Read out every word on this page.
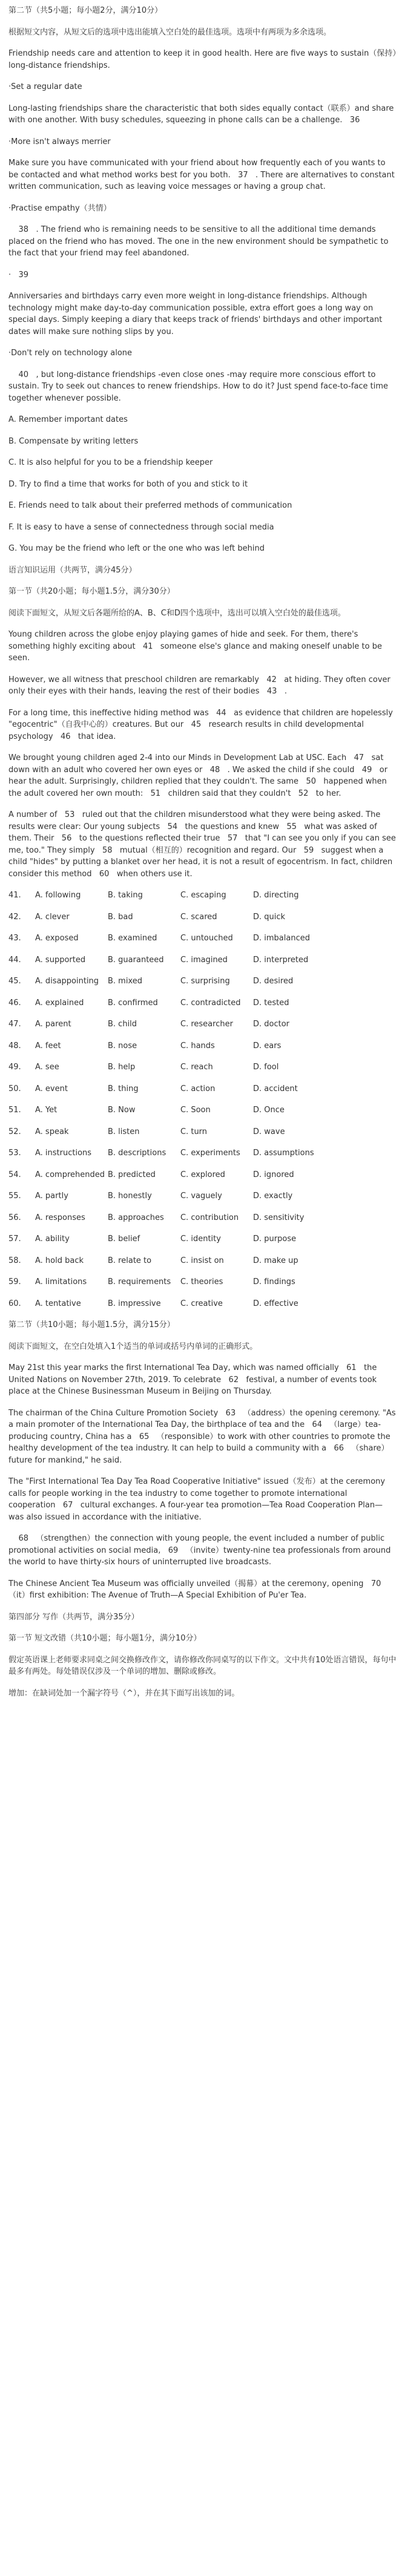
第二节（共5小题；每小题2分，满分10分）
根据短文内容，从短文后的选项中选出能填入空白处的最佳选项。选项中有两项为多余选项。
Friendship needs care and attention to keep it in good health. Here are five ways to sustain（保持）long-distance friendships.
·Set a regular date
Long-lasting friendships share the characteristic that both sides equally contact（联系）and share with one another. With busy schedules, squeezing in phone calls can be a challenge.   36
·More isn't always merrier
Make sure you have communicated with your friend about how frequently each of you wants to be contacted and what method works best for you both.   37   . There are alternatives to constant written communication, such as leaving voice messages or having a group chat.
·Practise empathy（共情）
38   . The friend who is remaining needs to be sensitive to all the additional time demands placed on the friend who has moved. The one in the new environment should be sympathetic to the fact that your friend may feel abandoned.
·   39
Anniversaries and birthdays carry even more weight in long-distance friendships. Although technology might make day-to-day communication possible, extra effort goes a long way on special days. Simply keeping a diary that keeps track of friends' birthdays and other important dates will make sure nothing slips by you.
·Don't rely on technology alone
40   , but long-distance friendships -even close ones -may require more conscious effort to sustain. Try to seek out chances to renew friendships. How to do it? Just spend face-to-face time together whenever possible.
A. Remember important dates
B. Compensate by writing letters
C. It is also helpful for you to be a friendship keeper
D. Try to find a time that works for both of you and stick to it
E. Friends need to talk about their preferred methods of communication
F. It is easy to have a sense of connectedness through social media
G. You may be the friend who left or the one who was left behind
语言知识运用（共两节，满分45分）
第一节（共20小题；每小题1.5分，满分30分）
阅读下面短文，从短文后各题所给的A、B、C和D四个选项中，选出可以填入空白处的最佳选项。
Young children across the globe enjoy playing games of hide and seek. For them, there's something highly exciting about   41   someone else's glance and making oneself unable to be seen.
However, we all witness that preschool children are remarkably   42   at hiding. They often cover only their eyes with their hands, leaving the rest of their bodies   43   .
For a long time, this ineffective hiding method was   44   as evidence that children are hopelessly "egocentric"（自我中心的）creatures. But our   45   research results in child developmental psychology   46   that idea.
We brought young children aged 2-4 into our Minds in Development Lab at USC. Each   47   sat down with an adult who covered her own eyes or   48   . We asked the child if she could   49   or hear the adult. Surprisingly, children replied that they couldn't. The same   50   happened when the adult covered her own mouth:   51   children said that they couldn't   52   to her.
A number of   53   ruled out that the children misunderstood what they were being asked. The results were clear: Our young subjects   54   the questions and knew   55   what was asked of them. Their   56   to the questions reflected their true   57   that "I can see you only if you can see me, too." They simply   58   mutual（相互的）recognition and regard. Our   59   suggest when a child "hides" by putting a blanket over her head, it is not a result of egocentrism. In fact, children consider this method   60   when others use it.
41.	A. following	B. taking	C. escaping	D. directing
42.	A. clever	B. bad	C. scared	D. quick
43.	A. exposed	B. examined	C. untouched	D. imbalanced
44.	A. supported	B. guaranteed	C. imagined	D. interpreted
45.	A. disappointing	B. mixed	C. surprising	D. desired
46.	A. explained	B. confirmed	C. contradicted	D. tested
47.	A. parent	B. child	C. researcher	D. doctor
48.	A. feet	B. nose	C. hands	D. ears
49.	A. see	B. help	C. reach	D. fool
50.	A. event	B. thing	C. action	D. accident
51.	A. Yet	B. Now	C. Soon	D. Once
52.	A. speak	B. listen	C. turn	D. wave
53.	A. instructions	B. descriptions	C. experiments	D. assumptions
54.	A. comprehended B. predicted	C. explored	D. ignored
55.	A. partly	B. honestly	C. vaguely	D. exactly
56.	A. responses	B. approaches	C. contribution	D. sensitivity
57.	A. ability	B. belief	C. identity	D. purpose
58.	A. hold back	B. relate to	C. insist on	D. make up
59.	A. limitations	B. requirements	C. theories	D. findings
60.	A. tentative	B. impressive	C. creative	D. effective
第二节（共10小题；每小题1.5分，满分15分）
阅读下面短文，在空白处填入1个适当的单词或括号内单词的正确形式。
May 21st this year marks the first International Tea Day, which was named officially   61   the United Nations on November 27th, 2019. To celebrate   62   festival, a number of events took place at the Chinese Businessman Museum in Beijing on Thursday.
The chairman of the China Culture Promotion Society   63   （address）the opening ceremony. "As a main promoter of the International Tea Day, the birthplace of tea and the   64   （large）tea-producing country, China has a   65   （responsible）to work with other countries to promote the healthy development of the tea industry. It can help to build a community with a   66   （share）future for mankind," he said.
The "First International Tea Day Tea Road Cooperative Initiative" issued（发布）at the ceremony calls for people working in the tea industry to come together to promote international cooperation   67   cultural exchanges. A four-year tea promotion—Tea Road Cooperation Plan—was also issued in accordance with the initiative.
68   （strengthen）the connection with young people, the event included a number of public promotional activities on social media,   69   （invite）twenty-nine tea professionals from around the world to have thirty-six hours of uninterrupted live broadcasts.
The Chinese Ancient Tea Museum was officially unveiled（揭幕）at the ceremony, opening   70   （it）first exhibition: The Avenue of Truth—A Special Exhibition of Pu'er Tea.
第四部分 写作（共两节，满分35分）
第一节 短文改错（共10小题；每小题1分，满分10分）
假定英语课上老师要求同桌之间交换修改作文，请你修改你同桌写的以下作文。文中共有10处语言错误，每句中最多有两处。每处错误仅涉及一个单词的增加、删除或修改。
增加：在缺词处加一个漏字符号（^），并在其下面写出该加的词。
